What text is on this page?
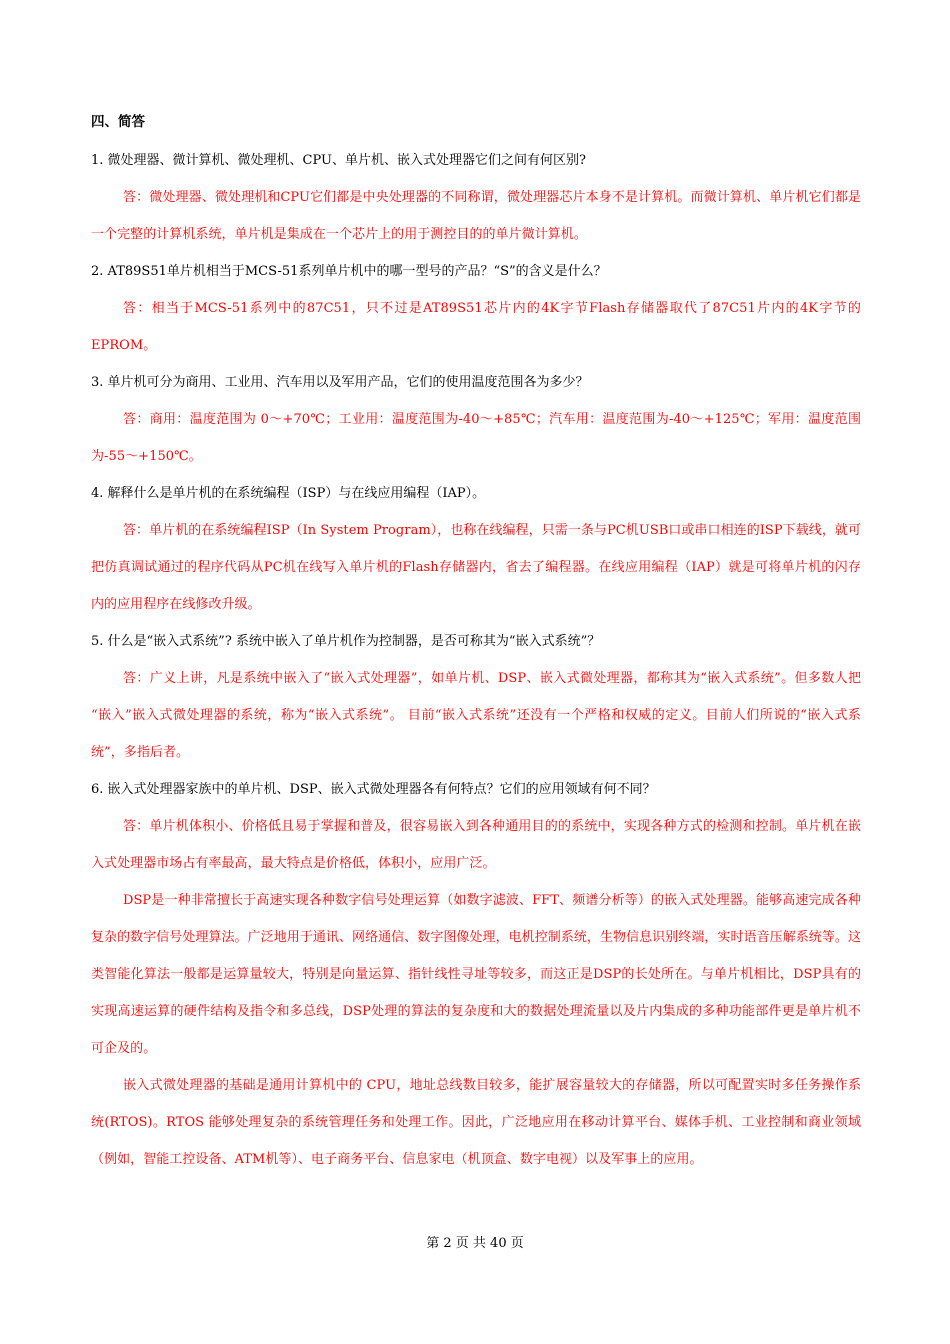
四、简答

1. 微处理器、微计算机、微处理机、CPU、单片机、嵌入式处理器它们之间有何区别?

答：微处理器、微处理机和CPU它们都是中央处理器的不同称谓，微处理器芯片本身不是计算机。而微计算机、单片机它们都是一个完整的计算机系统，单片机是集成在一个芯片上的用于测控目的的单片微计算机。

2. AT89S51单片机相当于MCS-51系列单片机中的哪一型号的产品？“S”的含义是什么？

答：相当于MCS-51系列中的87C51，只不过是AT89S51芯片内的4K字节Flash存储器取代了87C51片内的4K字节的EPROM。

3. 单片机可分为商用、工业用、汽车用以及军用产品，它们的使用温度范围各为多少？

答：商用：温度范围为 0～+70℃；工业用：温度范围为-40～+85℃；汽车用：温度范围为-40～+125℃；军用：温度范围为-55～+150℃。

4. 解释什么是单片机的在系统编程（ISP）与在线应用编程（IAP）。

答：单片机的在系统编程ISP（In System Program），也称在线编程，只需一条与PC机USB口或串口相连的ISP下载线，就可把仿真调试通过的程序代码从PC机在线写入单片机的Flash存储器内，省去了编程器。在线应用编程（IAP）就是可将单片机的闪存内的应用程序在线修改升级。

5. 什么是“嵌入式系统”? 系统中嵌入了单片机作为控制器，是否可称其为“嵌入式系统”？

答：广义上讲，凡是系统中嵌入了“嵌入式处理器”，如单片机、DSP、嵌入式微处理器，都称其为“嵌入式系统”。但多数人把 “嵌入”嵌入式微处理器的系统，称为“嵌入式系统”。 目前“嵌入式系统”还没有一个严格和权威的定义。目前人们所说的“嵌入式系统”，多指后者。

6. 嵌入式处理器家族中的单片机、DSP、嵌入式微处理器各有何特点？它们的应用领域有何不同？

答：单片机体积小、价格低且易于掌握和普及，很容易嵌入到各种通用目的的系统中，实现各种方式的检测和控制。单片机在嵌入式处理器市场占有率最高，最大特点是价格低，体积小，应用广泛。

DSP是一种非常擅长于高速实现各种数字信号处理运算（如数字滤波、FFT、频谱分析等）的嵌入式处理器。能够高速完成各种复杂的数字信号处理算法。广泛地用于通讯、网络通信、数字图像处理，电机控制系统，生物信息识别终端，实时语音压解系统等。这类智能化算法一般都是运算量较大，特别是向量运算、指针线性寻址等较多，而这正是DSP的长处所在。与单片机相比，DSP具有的实现高速运算的硬件结构及指令和多总线，DSP处理的算法的复杂度和大的数据处理流量以及片内集成的多种功能部件更是单片机不可企及的。

嵌入式微处理器的基础是通用计算机中的 CPU，地址总线数目较多，能扩展容量较大的存储器，所以可配置实时多任务操作系统(RTOS)。RTOS 能够处理复杂的系统管理任务和处理工作。因此，广泛地应用在移动计算平台、媒体手机、工业控制和商业领域（例如，智能工控设备、ATM机等）、电子商务平台、信息家电（机顶盒、数字电视）以及军事上的应用。

第 2 页 共 40 页
